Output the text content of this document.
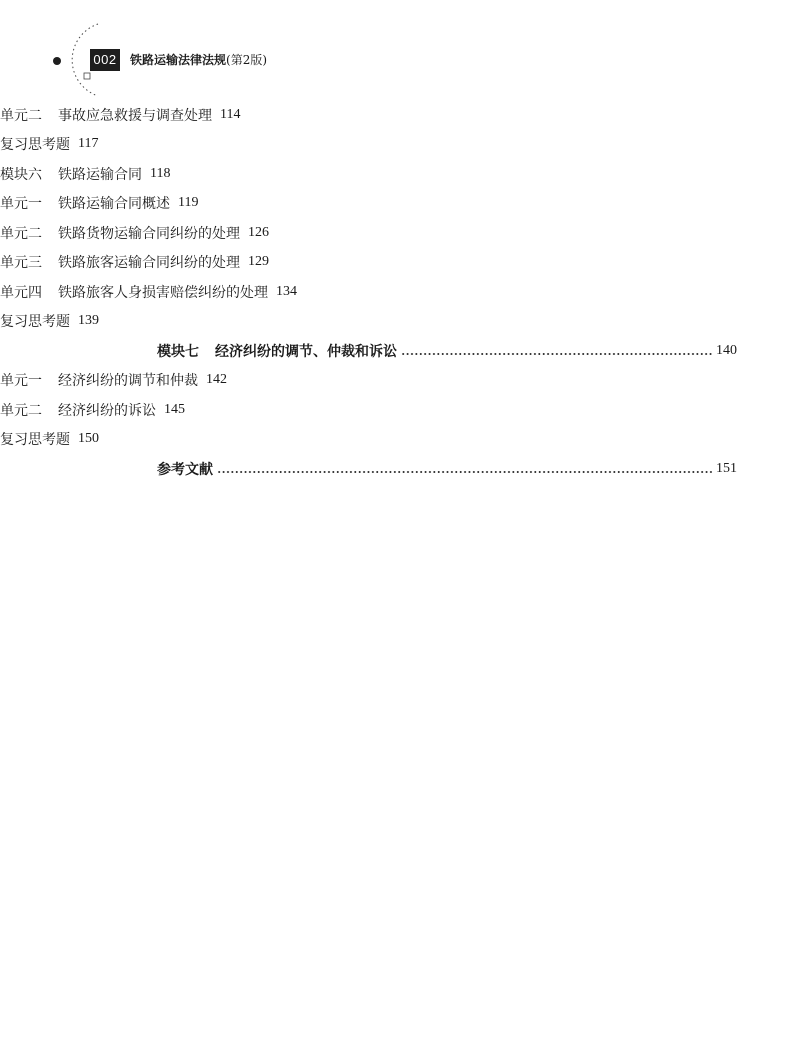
002 铁路运输法律法规(第2版)
单元二 事故应急救援与调查处理 114
复习思考题 117
模块六 铁路运输合同 118
单元一 铁路运输合同概述 119
单元二 铁路货物运输合同纠纷的处理 126
单元三 铁路旅客运输合同纠纷的处理 129
单元四 铁路旅客人身损害赔偿纠纷的处理 134
复习思考题 139
模块七 经济纠纷的调节、仲裁和诉讼	140
单元一 经济纠纷的调节和仲裁 142
单元二 经济纠纷的诉讼 145
复习思考题 150
参考文献	151
